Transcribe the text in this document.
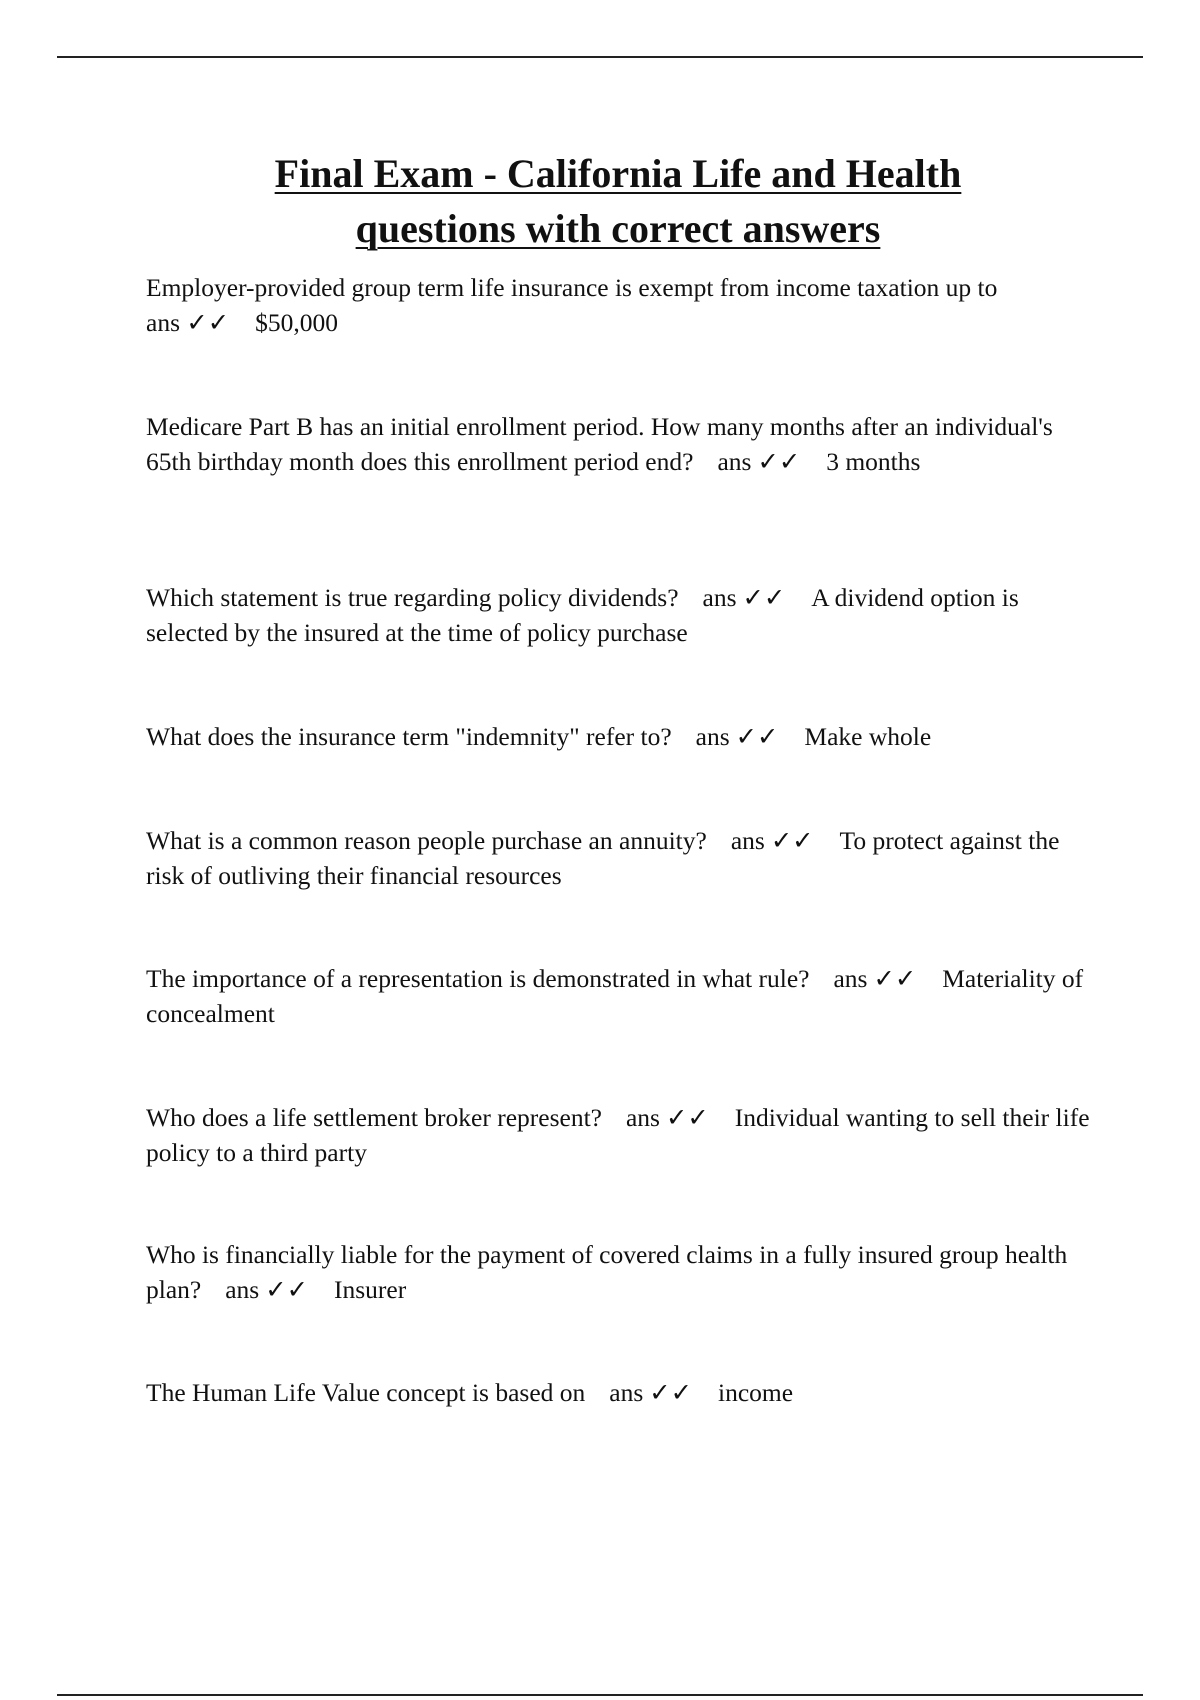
Final Exam - California Life and Health
questions with correct answers

Employer-provided group term life insurance is exempt from income taxation up to
ans ✓✓ $50,000

Medicare Part B has an initial enrollment period. How many months after an individual's 65th birthday month does this enrollment period end? ans ✓✓ 3 months

Which statement is true regarding policy dividends? ans ✓✓ A dividend option is selected by the insured at the time of policy purchase

What does the insurance term "indemnity" refer to? ans ✓✓ Make whole

What is a common reason people purchase an annuity? ans ✓✓ To protect against the risk of outliving their financial resources

The importance of a representation is demonstrated in what rule? ans ✓✓ Materiality of concealment

Who does a life settlement broker represent? ans ✓✓ Individual wanting to sell their life policy to a third party

Who is financially liable for the payment of covered claims in a fully insured group health plan? ans ✓✓ Insurer

The Human Life Value concept is based on ans ✓✓ income
